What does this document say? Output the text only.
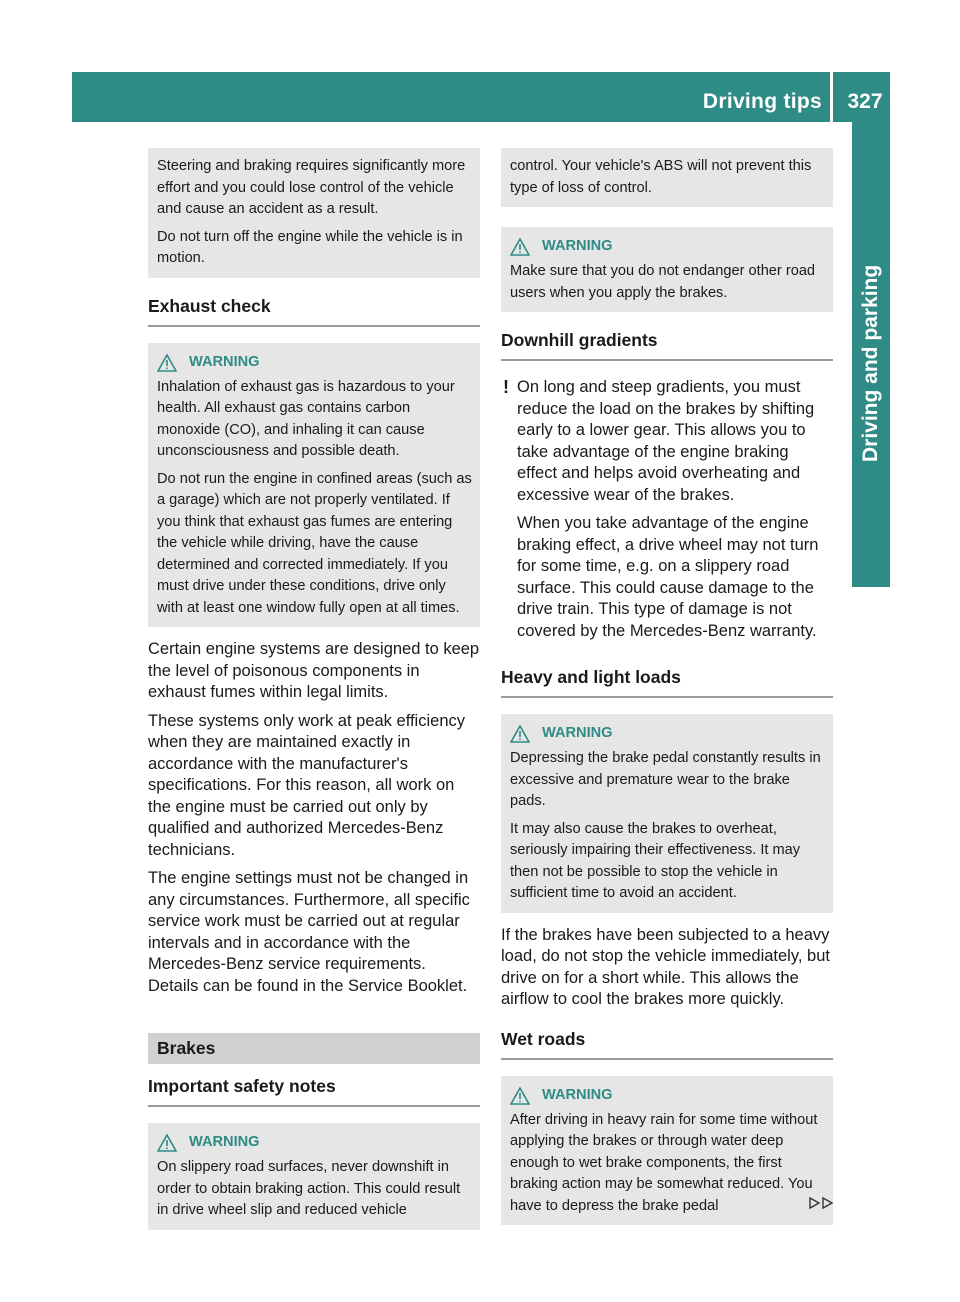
Driving tips	327
Driving and parking

Steering and braking requires significantly more effort and you could lose control of the vehicle and cause an accident as a result.

Do not turn off the engine while the vehicle is in motion.

Exhaust check
WARNING

Inhalation of exhaust gas is hazardous to your health. All exhaust gas contains carbon monoxide (CO), and inhaling it can cause unconsciousness and possible death.

Do not run the engine in confined areas (such as a garage) which are not properly ventilated. If you think that exhaust gas fumes are entering the vehicle while driving, have the cause determined and corrected immediately. If you must drive under these conditions, drive only with at least one window fully open at all times.

Certain engine systems are designed to keep the level of poisonous components in exhaust fumes within legal limits.

These systems only work at peak efficiency when they are maintained exactly in accordance with the manufacturer's specifications. For this reason, all work on the engine must be carried out only by qualified and authorized Mercedes-Benz technicians.

The engine settings must not be changed in any circumstances. Furthermore, all specific service work must be carried out at regular intervals and in accordance with the Mercedes-Benz service requirements. Details can be found in the Service Booklet.

Brakes
Important safety notes
WARNING

On slippery road surfaces, never downshift in order to obtain braking action. This could result in drive wheel slip and reduced vehicle

control. Your vehicle's ABS will not prevent this type of loss of control.

WARNING

Make sure that you do not endanger other road users when you apply the brakes.

Downhill gradients
! On long and steep gradients, you must reduce the load on the brakes by shifting early to a lower gear. This allows you to take advantage of the engine braking effect and helps avoid overheating and excessive wear of the brakes.

When you take advantage of the engine braking effect, a drive wheel may not turn for some time, e.g. on a slippery road surface. This could cause damage to the drive train. This type of damage is not covered by the Mercedes-Benz warranty.

Heavy and light loads
WARNING

Depressing the brake pedal constantly results in excessive and premature wear to the brake pads.

It may also cause the brakes to overheat, seriously impairing their effectiveness. It may then not be possible to stop the vehicle in sufficient time to avoid an accident.

If the brakes have been subjected to a heavy load, do not stop the vehicle immediately, but drive on for a short while. This allows the airflow to cool the brakes more quickly.

Wet roads
WARNING

After driving in heavy rain for some time without applying the brakes or through water deep enough to wet brake components, the first braking action may be somewhat reduced. You have to depress the brake pedal
